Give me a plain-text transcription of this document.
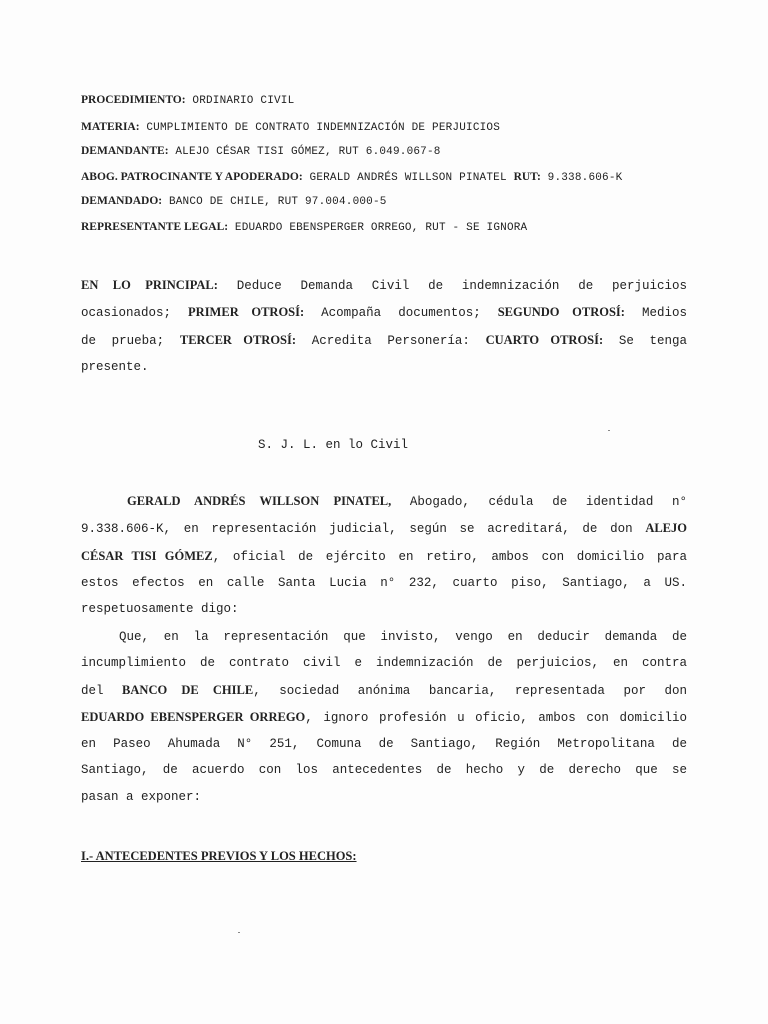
PROCEDIMIENTO: ORDINARIO CIVIL
MATERIA: CUMPLIMIENTO DE CONTRATO INDEMNIZACIÓN DE PERJUICIOS
DEMANDANTE: ALEJO CÉSAR TISI GÓMEZ, RUT 6.049.067-8
ABOG. PATROCINANTE Y APODERADO: GERALD ANDRÉS WILLSON PINATEL RUT: 9.338.606-K
DEMANDADO: BANCO DE CHILE, RUT 97.004.000-5
REPRESENTANTE LEGAL: EDUARDO EBENSPERGER ORREGO, RUT - SE IGNORA
EN LO PRINCIPAL: Deduce Demanda Civil de indemnización de perjuicios
ocasionados; PRIMER OTROSÍ: Acompaña documentos; SEGUNDO OTROSÍ: Medios
de prueba; TERCER OTROSÍ: Acredita Personería: CUARTO OTROSÍ: Se tenga
presente.
S. J. L. en lo Civil
GERALD ANDRÉS WILLSON PINATEL, Abogado, cédula de identidad n°
9.338.606-K, en representación judicial, según se acreditará, de don ALEJO
CÉSAR TISI GÓMEZ, oficial de ejército en retiro, ambos con domicilio para
estos efectos en calle Santa Lucia n° 232, cuarto piso, Santiago, a US.
respetuosamente digo:
Que, en la representación que invisto, vengo en deducir demanda de
incumplimiento de contrato civil e indemnización de perjuicios, en contra
del BANCO DE CHILE, sociedad anónima bancaria, representada por don
EDUARDO EBENSPERGER ORREGO, ignoro profesión u oficio, ambos con domicilio
en Paseo Ahumada N° 251, Comuna de Santiago, Región Metropolitana de
Santiago, de acuerdo con los antecedentes de hecho y de derecho que se
pasan a exponer:
I.- ANTECEDENTES PREVIOS Y LOS HECHOS:
